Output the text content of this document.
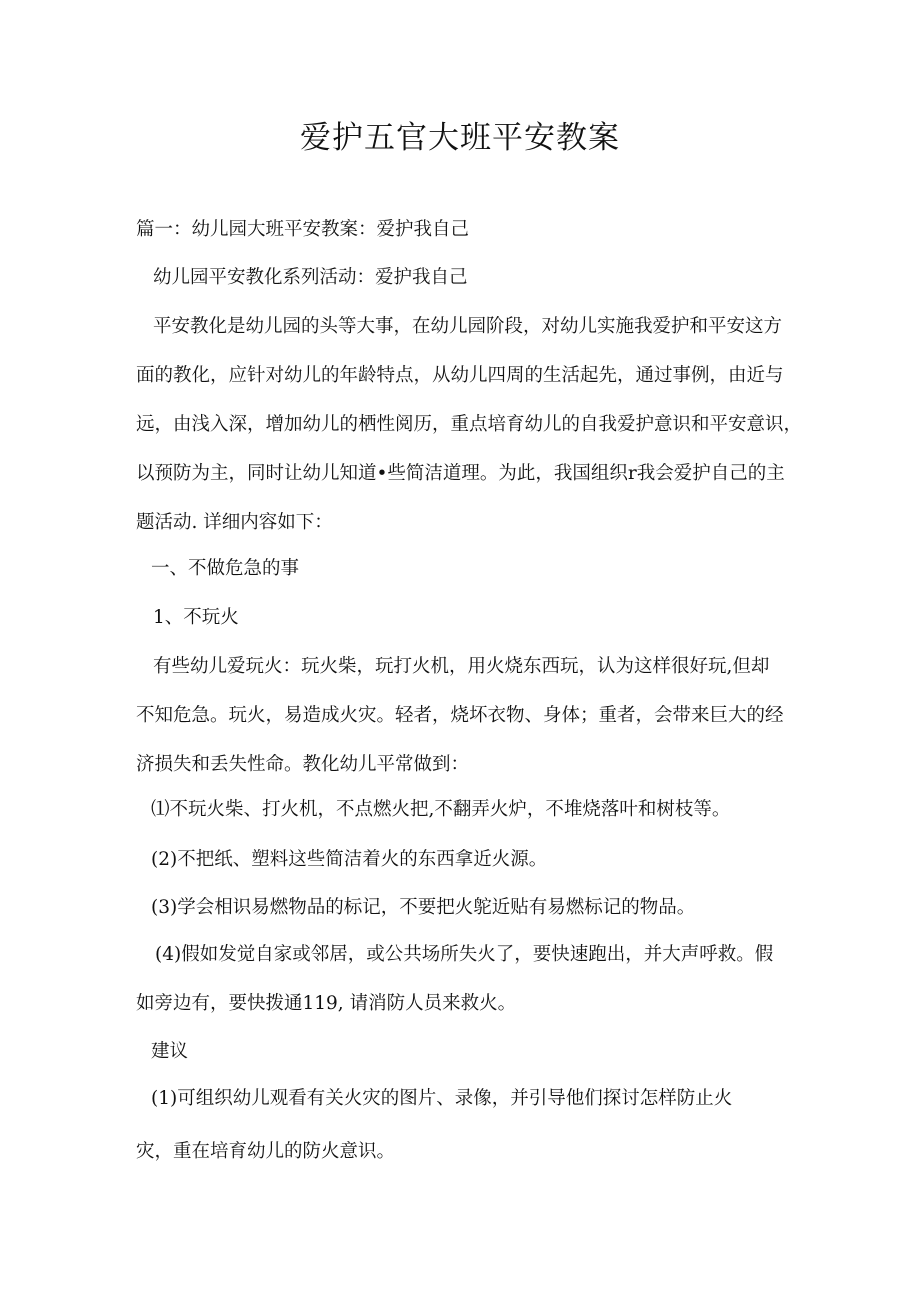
爱护五官大班平安教案

篇一：幼儿园大班平安教案：爱护我自己

幼儿园平安教化系列活动：爱护我自己

平安教化是幼儿园的头等大事，在幼儿园阶段，对幼儿实施我爱护和平安这方

面的教化，应针对幼儿的年龄特点，从幼儿四周的生活起先，通过事例，由近与

远，由浅入深，增加幼儿的栖性阅历，重点培育幼儿的自我爱护意识和平安意识，

以预防为主，同时让幼儿知道•些简洁道理。为此，我国组织r我会爱护自己的主

题活动. 详细内容如下：

一、不做危急的事

1、不玩火

有些幼儿爱玩火：玩火柴，玩打火机，用火烧东西玩，认为这样很好玩,但却

不知危急。玩火，易造成火灾。轻者，烧坏衣物、身体；重者，会带来巨大的经

济损失和丢失性命。教化幼儿平常做到：

⑴不玩火柴、打火机，不点燃火把,不翻弄火炉，不堆烧落叶和树枝等。

(2)不把纸、塑料这些简洁着火的东西拿近火源。

(3)学会相识易燃物品的标记，不要把火鸵近贴有易燃标记的物品。

(4)假如发觉自家或邻居，或公共场所失火了，要快速跑出，并大声呼救。假

如旁边有，要快拨通119, 请消防人员来救火。

建议

(1)可组织幼儿观看有关火灾的图片、录像，并引导他们探讨怎样防止火

灾，重在培育幼儿的防火意识。
